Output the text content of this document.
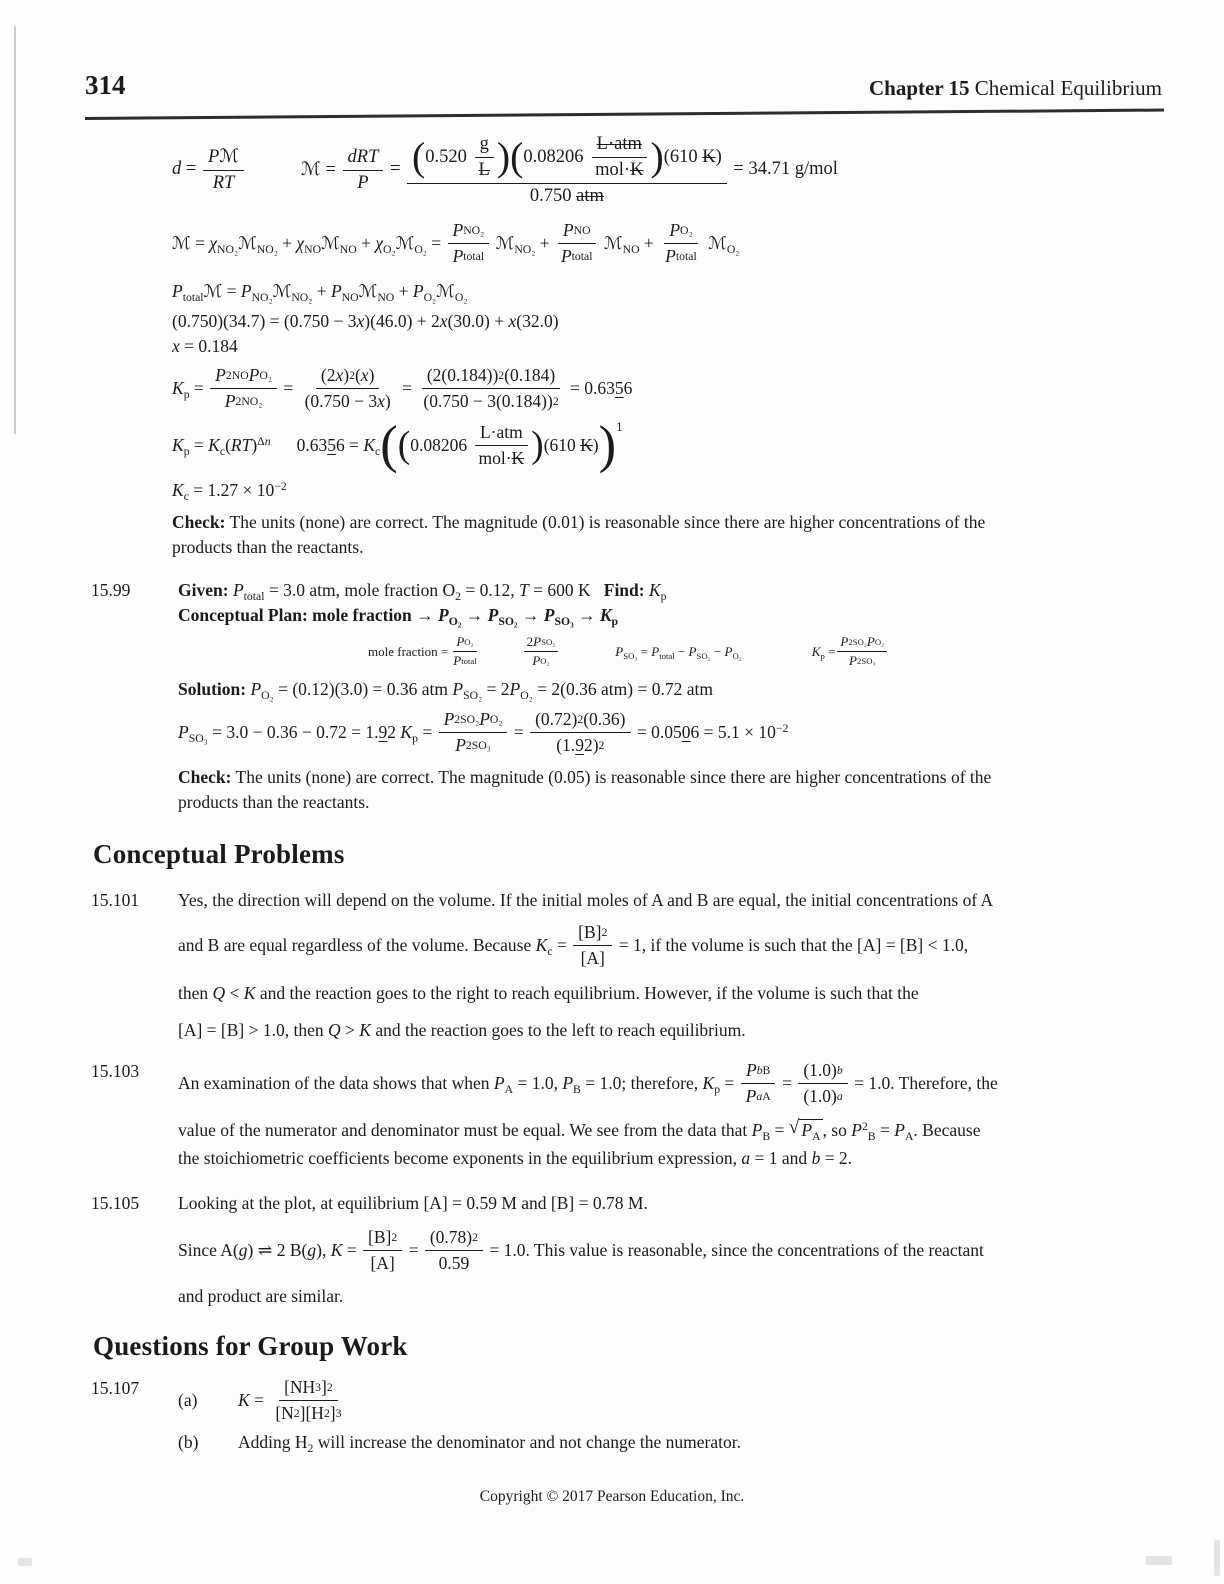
314	Chapter 15 Chemical Equilibrium
$d = \frac{\text{P ℳ}}{RT}$	ℳ = $\frac{\text{dRT}}{P}$ = ( $0.520 \frac{g}{L}$ ) ( $0.08206 \frac{\text{L·atm}}{\text{mol· K}}$ ) (610 K)
0.750 atm
= 34.71 g/mol
ℳ = $\chi_{NO_2}ℳ_{NO_2}$ + $\chi_{NO}ℳ_{NO}$ + $\chi_{O_2}ℳ_{O_2} = \frac{\text{P NO₂}}{\text{P total}}$ ℳ$_{NO_2}$ + $\frac{\text{P NO}}{\text{P total}}$ ℳ$_{NO}$ + $\frac{\text{P O₂}}{\text{P total}}$ ℳ$_{O_2}$
$P_{total}ℳ$ = $P_{NO_2}ℳ_{NO_2}$ + $P_{NO}ℳ_{NO}$ + $P_{O_2}ℳ_{O_2}$
(0.750)(34.7) = (0.750 − 3x)(46.0) + 2x(30.0) + x(32.0)
x = 0.184
$K_p = \frac{\text{P 2 NO P O₂}}{\text{P 2 NO₂}} = \frac{(2 x ) 2 ( x )}{(0.750 - 3 x )} = \frac{(2(0.184)) 2 (0.184)}{(0.750 - 3(0.184)) 2} = 0.6356$
$K_p = K_c(RT)^{\Delta n}$ $0.6356 = K_c$ ( ( $0.08206 \frac{\text{L·atm}}{\text{mol· K}}$ ) (610 K) ) 1
$K_c = 1.27 \times 10^{-2}$
Check: The units (none) are correct. The magnitude (0.01) is reasonable since there are higher concentrations of the
products than the reactants.
15.99	Given: $P_{total} = 3.0$ atm, mole fraction $O_2 = 0.12$, T = 600 K   Find: $K_p$
Conceptual Plan: mole fraction → $P_{O_2} \to P_{SO_2} \to P_{SO_3} \to K_p$
mole fraction = $\frac{\text{P O₂}}{\text{P total}}$	$\frac{\text{2 P SO₂}}{\text{P O₂}}$	$P_{SO_3} = P_{total} - P_{SO_2} - P_{O_2}$	$K_p = \frac{\text{P 2 SO₂ P O₂}}{\text{P 2 SO₃}}$
Solution: $P_{O_2} = (0.12)(3.0) = 0.36$ atm $P_{SO_2} = 2P_{O_2} = 2(0.36$ atm) = 0.72 atm
$P_{SO_3} = 3.0 - 0.36 - 0.72 = 1.92$ $K_p = \frac{\text{P 2 SO₂ P O₂}}{\text{P 2 SO₃}} = \frac{(0.72) 2 (0.36)}{(1. 9 2) 2} = 0.0506 = 5.1 \times 10^{-2}$
Check: The units (none) are correct. The magnitude (0.05) is reasonable since there are higher concentrations of the
products than the reactants.
Conceptual Problems
15.101	Yes, the direction will depend on the volume. If the initial moles of A and B are equal, the initial concentrations of A
and B are equal regardless of the volume. Because $K_c = \frac{[B] 2}{[A]} = 1$, if the volume is such that the [A] = [B] < 1.0,
then Q < K and the reaction goes to the right to reach equilibrium. However, if the volume is such that the
[A] = [B] > 1.0, then Q > K and the reaction goes to the left to reach equilibrium.
15.103
An examination of the data shows that when $P_A = 1.0$, $P_B = 1.0$; therefore, $K_p = \frac{\text{P b B}}{\text{P a A}} = \frac{(1.0) b}{(1.0) a} = 1.0$. Therefore, the
value of the numerator and denominator must be equal. We see from the data that $P_B$ = √ $P_A$ , so $P^2_B = P_A$. Because
the stoichiometric coefficients become exponents in the equilibrium expression, a = 1 and b = 2.
15.105	Looking at the plot, at equilibrium [A] = 0.59 M and [B] = 0.78 M.
Since A(g) ⇌ 2 B(g), $K = \frac{[B] 2}{[A]} = \frac{(0.78) 2}{0.59} = 1.0$. This value is reasonable, since the concentrations of the reactant
and product are similar.
Questions for Group Work
15.107
(a)	$K = \frac{[NH 3 ] 2}{[N 2 ][H 2 ] 3}$
(b)	Adding $H_2$ will increase the denominator and not change the numerator.
Copyright © 2017 Pearson Education, Inc.
